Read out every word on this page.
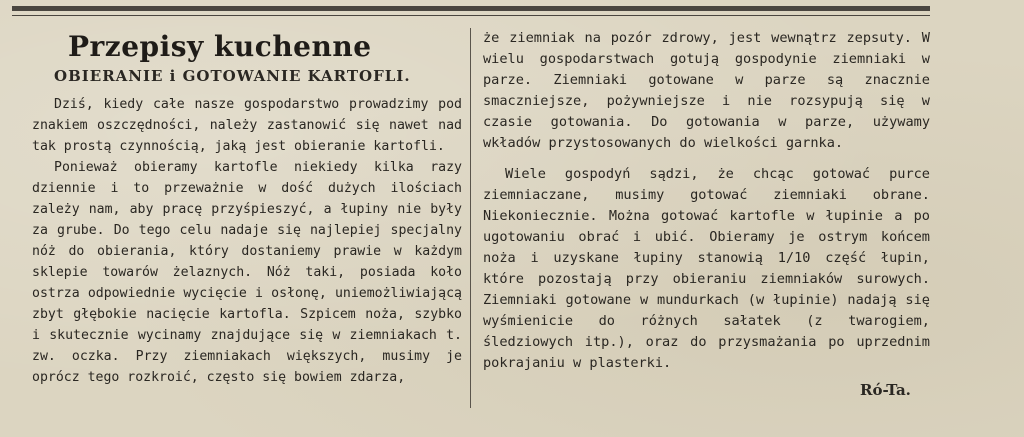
Przepisy kuchenne
OBIERANIE i GOTOWANIE KARTOFLI.

Dziś, kiedy całe nasze gospodarstwo prowadzimy pod znakiem oszczędności, należy zastanowić się nawet nad tak prostą czynnością, jaką jest obieranie kartofli.

Ponieważ obieramy kartofle niekiedy kilka razy dziennie i to przeważnie w dość dużych ilościach zależy nam, aby pracę przyśpieszyć, a łupiny nie były za grube. Do tego celu nadaje się najlepiej specjalny nóż do obierania, który dostaniemy prawie w każdym sklepie towarów żelaznych. Nóż taki, posiada koło ostrza odpowiednie wycięcie i osłonę, uniemożliwiającą zbyt głębokie nacięcie kartofla. Szpicem noża, szybko i skutecznie wycinamy znajdujące się w ziemniakach t. zw. oczka. Przy ziemniakach większych, musimy je oprócz tego rozkroić, często się bowiem zdarza,

że ziemniak na pozór zdrowy, jest wewnątrz zepsuty. W wielu gospodarstwach gotują gospodynie ziemniaki w parze. Ziemniaki gotowane w parze są znacznie smaczniejsze, pożywniejsze i nie rozsypują się w czasie gotowania. Do gotowania w parze, używamy wkładów przystosowanych do wielkości garnka.

Wiele gospodyń sądzi, że chcąc gotować purce ziemniaczane, musimy gotować ziemniaki obrane. Niekoniecznie. Można gotować kartofle w łupinie a po ugotowaniu obrać i ubić. Obieramy je ostrym końcem noża i uzyskane łupiny stanowią 1/10 część łupin, które pozostają przy obieraniu ziemniaków surowych. Ziemniaki gotowane w mundurkach (w łupinie) nadają się wyśmienicie do różnych sałatek (z twarogiem, śledziowych itp.), oraz do przysmażania po uprzednim pokrajaniu w plasterki.

Ró-Ta.
